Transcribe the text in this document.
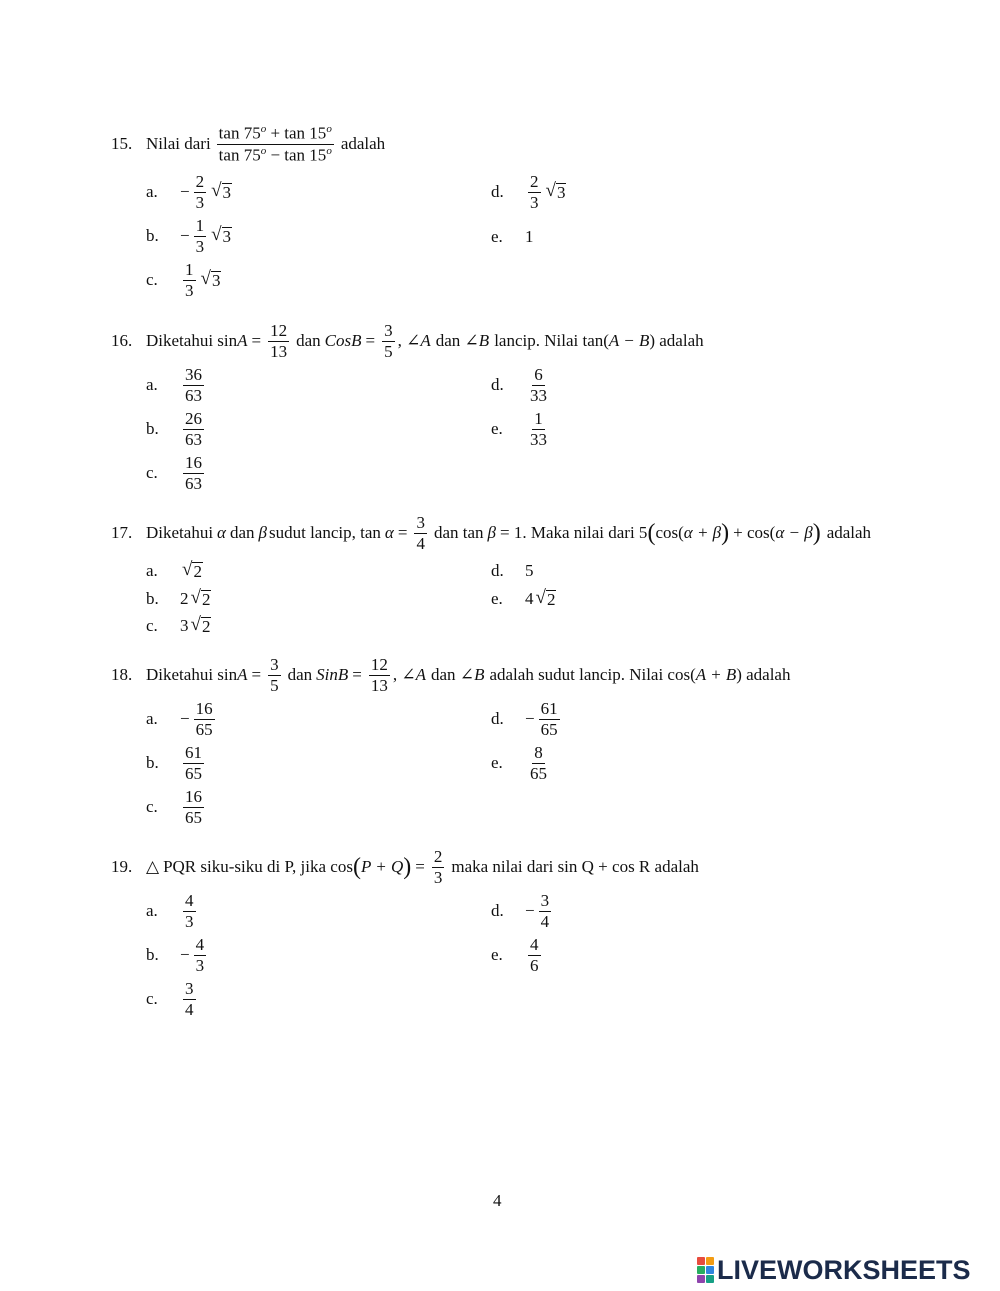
15. Nilai dari $\frac{\tan 75^o + \tan 15^o}{\tan 75^o - \tan 15^o}$ adalah
a.	− $\frac{2}{3}$ √ 3
b.	− $\frac{1}{3}$ √ 3
c.	$\frac{1}{3}$ √ 3
d.	$\frac{2}{3}$ √ 3
e.	1
16. Diketahui $\sin A = \frac{12}{13}$ dan CosB = $\frac{3}{5}$ , ∠ A dan ∠ B lancip. Nilai tan( A − B ) adalah
a.	$\frac{36}{63}$
b.	$\frac{26}{63}$
c.	$\frac{16}{63}$
d.	$\frac{6}{33}$
e.	$\frac{1}{33}$
17. Diketahui α dan β sudut lancip, $\tan \alpha = \frac{3}{4}$ dan tan β = 1. Maka nilai dari 5 ( cos( α + β ) + cos( α − β ) adalah
a.	√ 2
b.	2 √ 2
c.	3 √ 2
d.	5
e.	4 √ 2
18. Diketahui $\sin A = \frac{3}{5}$ dan SinB = $\frac{12}{13}$ , ∠ A dan ∠ B adalah sudut lancip. Nilai cos( A + B ) adalah
a.	− $\frac{16}{65}$
b.	$\frac{61}{65}$
c.	$\frac{16}{65}$
d.	− $\frac{61}{65}$
e.	$\frac{8}{65}$
19. △ PQR siku-siku di P, jika cos ( P + Q ) = $\frac{2}{3}$ maka nilai dari sin Q + cos R adalah
a.	$\frac{4}{3}$
b.	− $\frac{4}{3}$
c.	$\frac{3}{4}$
d.	− $\frac{3}{4}$
e.	$\frac{4}{6}$
4
LIVEWORKSHEETS
